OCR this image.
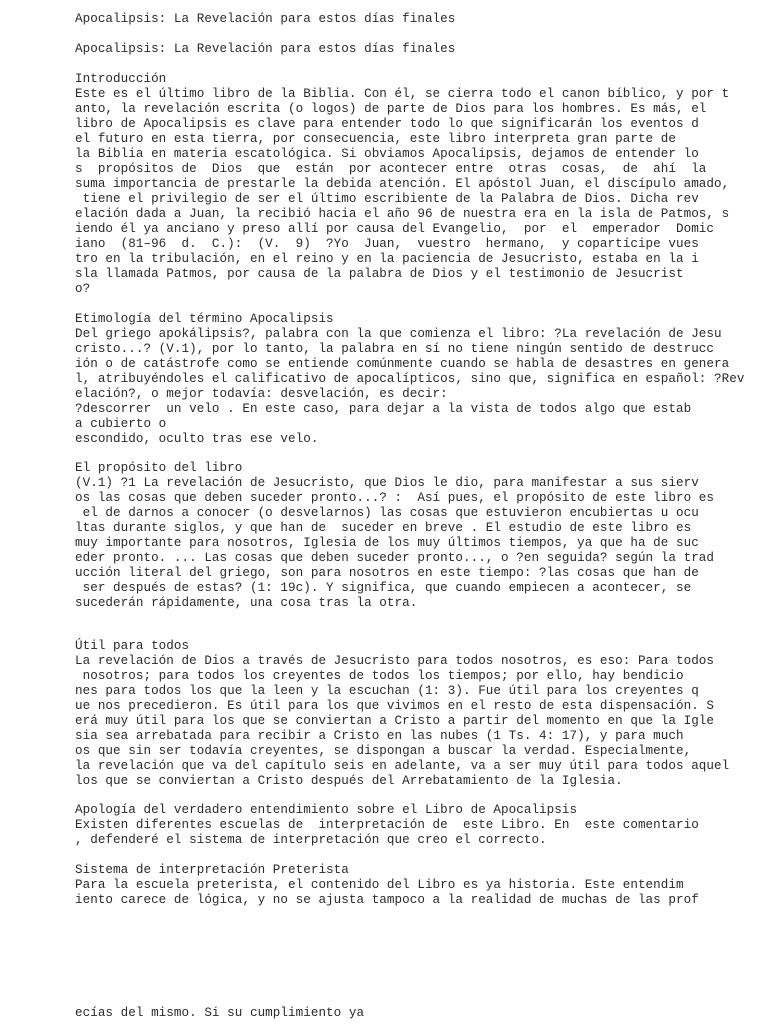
Apocalipsis: La Revelación para estos días finales
Apocalipsis: La Revelación para estos días finales
Introducción
Este es el último libro de la Biblia. Con él, se cierra todo el canon bíblico, y por t
anto, la revelación escrita (o logos) de parte de Dios para los hombres. Es más, el
libro de Apocalipsis es clave para entender todo lo que significarán los eventos d
el futuro en esta tierra, por consecuencia, este libro interpreta gran parte de
la Biblia en materia escatológica. Si obviamos Apocalipsis, dejamos de entender lo
s  propósitos de  Dios  que  están  por acontecer entre  otras  cosas,  de  ahí  la
suma importancia de prestarle la debida atención. El apóstol Juan, el discípulo amado,
tiene el privilegio de ser el último escribiente de la Palabra de Dios. Dicha rev
elación dada a Juan, la recibió hacia el año 96 de nuestra era en la isla de Patmos, s
iendo él ya anciano y preso allí por causa del Evangelio,  por  el  emperador  Domic
iano  (81–96  d.  C.):  (V.  9)  ?Yo  Juan,  vuestro  hermano,  y copartícipe vues
tro en la tribulación, en el reino y en la paciencia de Jesucristo, estaba en la i
sla llamada Patmos, por causa de la palabra de Dios y el testimonio de Jesucrist
o?
Etimología del término Apocalipsis
Del griego apokálipsis?, palabra con la que comienza el libro: ?La revelación de Jesu
cristo...? (V.1), por lo tanto, la palabra en sí no tiene ningún sentido de destrucc
ión o de catástrofe como se entiende comúnmente cuando se habla de desastres en genera
l, atribuyéndoles el calificativo de apocalípticos, sino que, significa en español: ?Rev
elación?, o mejor todavía: desvelación, es decir:
?descorrer  un velo . En este caso, para dejar a la vista de todos algo que estab
a cubierto o
escondido, oculto tras ese velo.
El propósito del libro
(V.1) ?1 La revelación de Jesucristo, que Dios le dio, para manifestar a sus sierv
os las cosas que deben suceder pronto...? :  Así pues, el propósito de este libro es
el de darnos a conocer (o desvelarnos) las cosas que estuvieron encubiertas u ocu
ltas durante siglos, y que han de  suceder en breve . El estudio de este libro es
muy importante para nosotros, Iglesia de los muy últimos tiempos, ya que ha de suc
eder pronto. ... Las cosas que deben suceder pronto..., o ?en seguida? según la trad
ucción literal del griego, son para nosotros en este tiempo: ?las cosas que han de
ser después de estas? (1: 19c). Y significa, que cuando empiecen a acontecer, se
sucederán rápidamente, una cosa tras la otra.
Útil para todos
La revelación de Dios a través de Jesucristo para todos nosotros, es eso: Para todos
nosotros; para todos los creyentes de todos los tiempos; por ello, hay bendicio
nes para todos los que la leen y la escuchan (1: 3). Fue útil para los creyentes q
ue nos precedieron. Es útil para los que vivimos en el resto de esta dispensación. S
erá muy útil para los que se conviertan a Cristo a partir del momento en que la Igle
sia sea arrebatada para recibir a Cristo en las nubes (1 Ts. 4: 17), y para much
os que sin ser todavía creyentes, se dispongan a buscar la verdad. Especialmente,
la revelación que va del capítulo seis en adelante, va a ser muy útil para todos aquel
los que se conviertan a Cristo después del Arrebatamiento de la Iglesia.
Apología del verdadero entendimiento sobre el Libro de Apocalipsis
Existen diferentes escuelas de  interpretación de  este Libro. En  este comentario
, defenderé el sistema de interpretación que creo el correcto.
Sistema de interpretación Preterista
Para la escuela preterista, el contenido del Libro es ya historia. Este entendim
iento carece de lógica, y no se ajusta tampoco a la realidad de muchas de las prof
ecías del mismo. Si su cumplimiento ya
